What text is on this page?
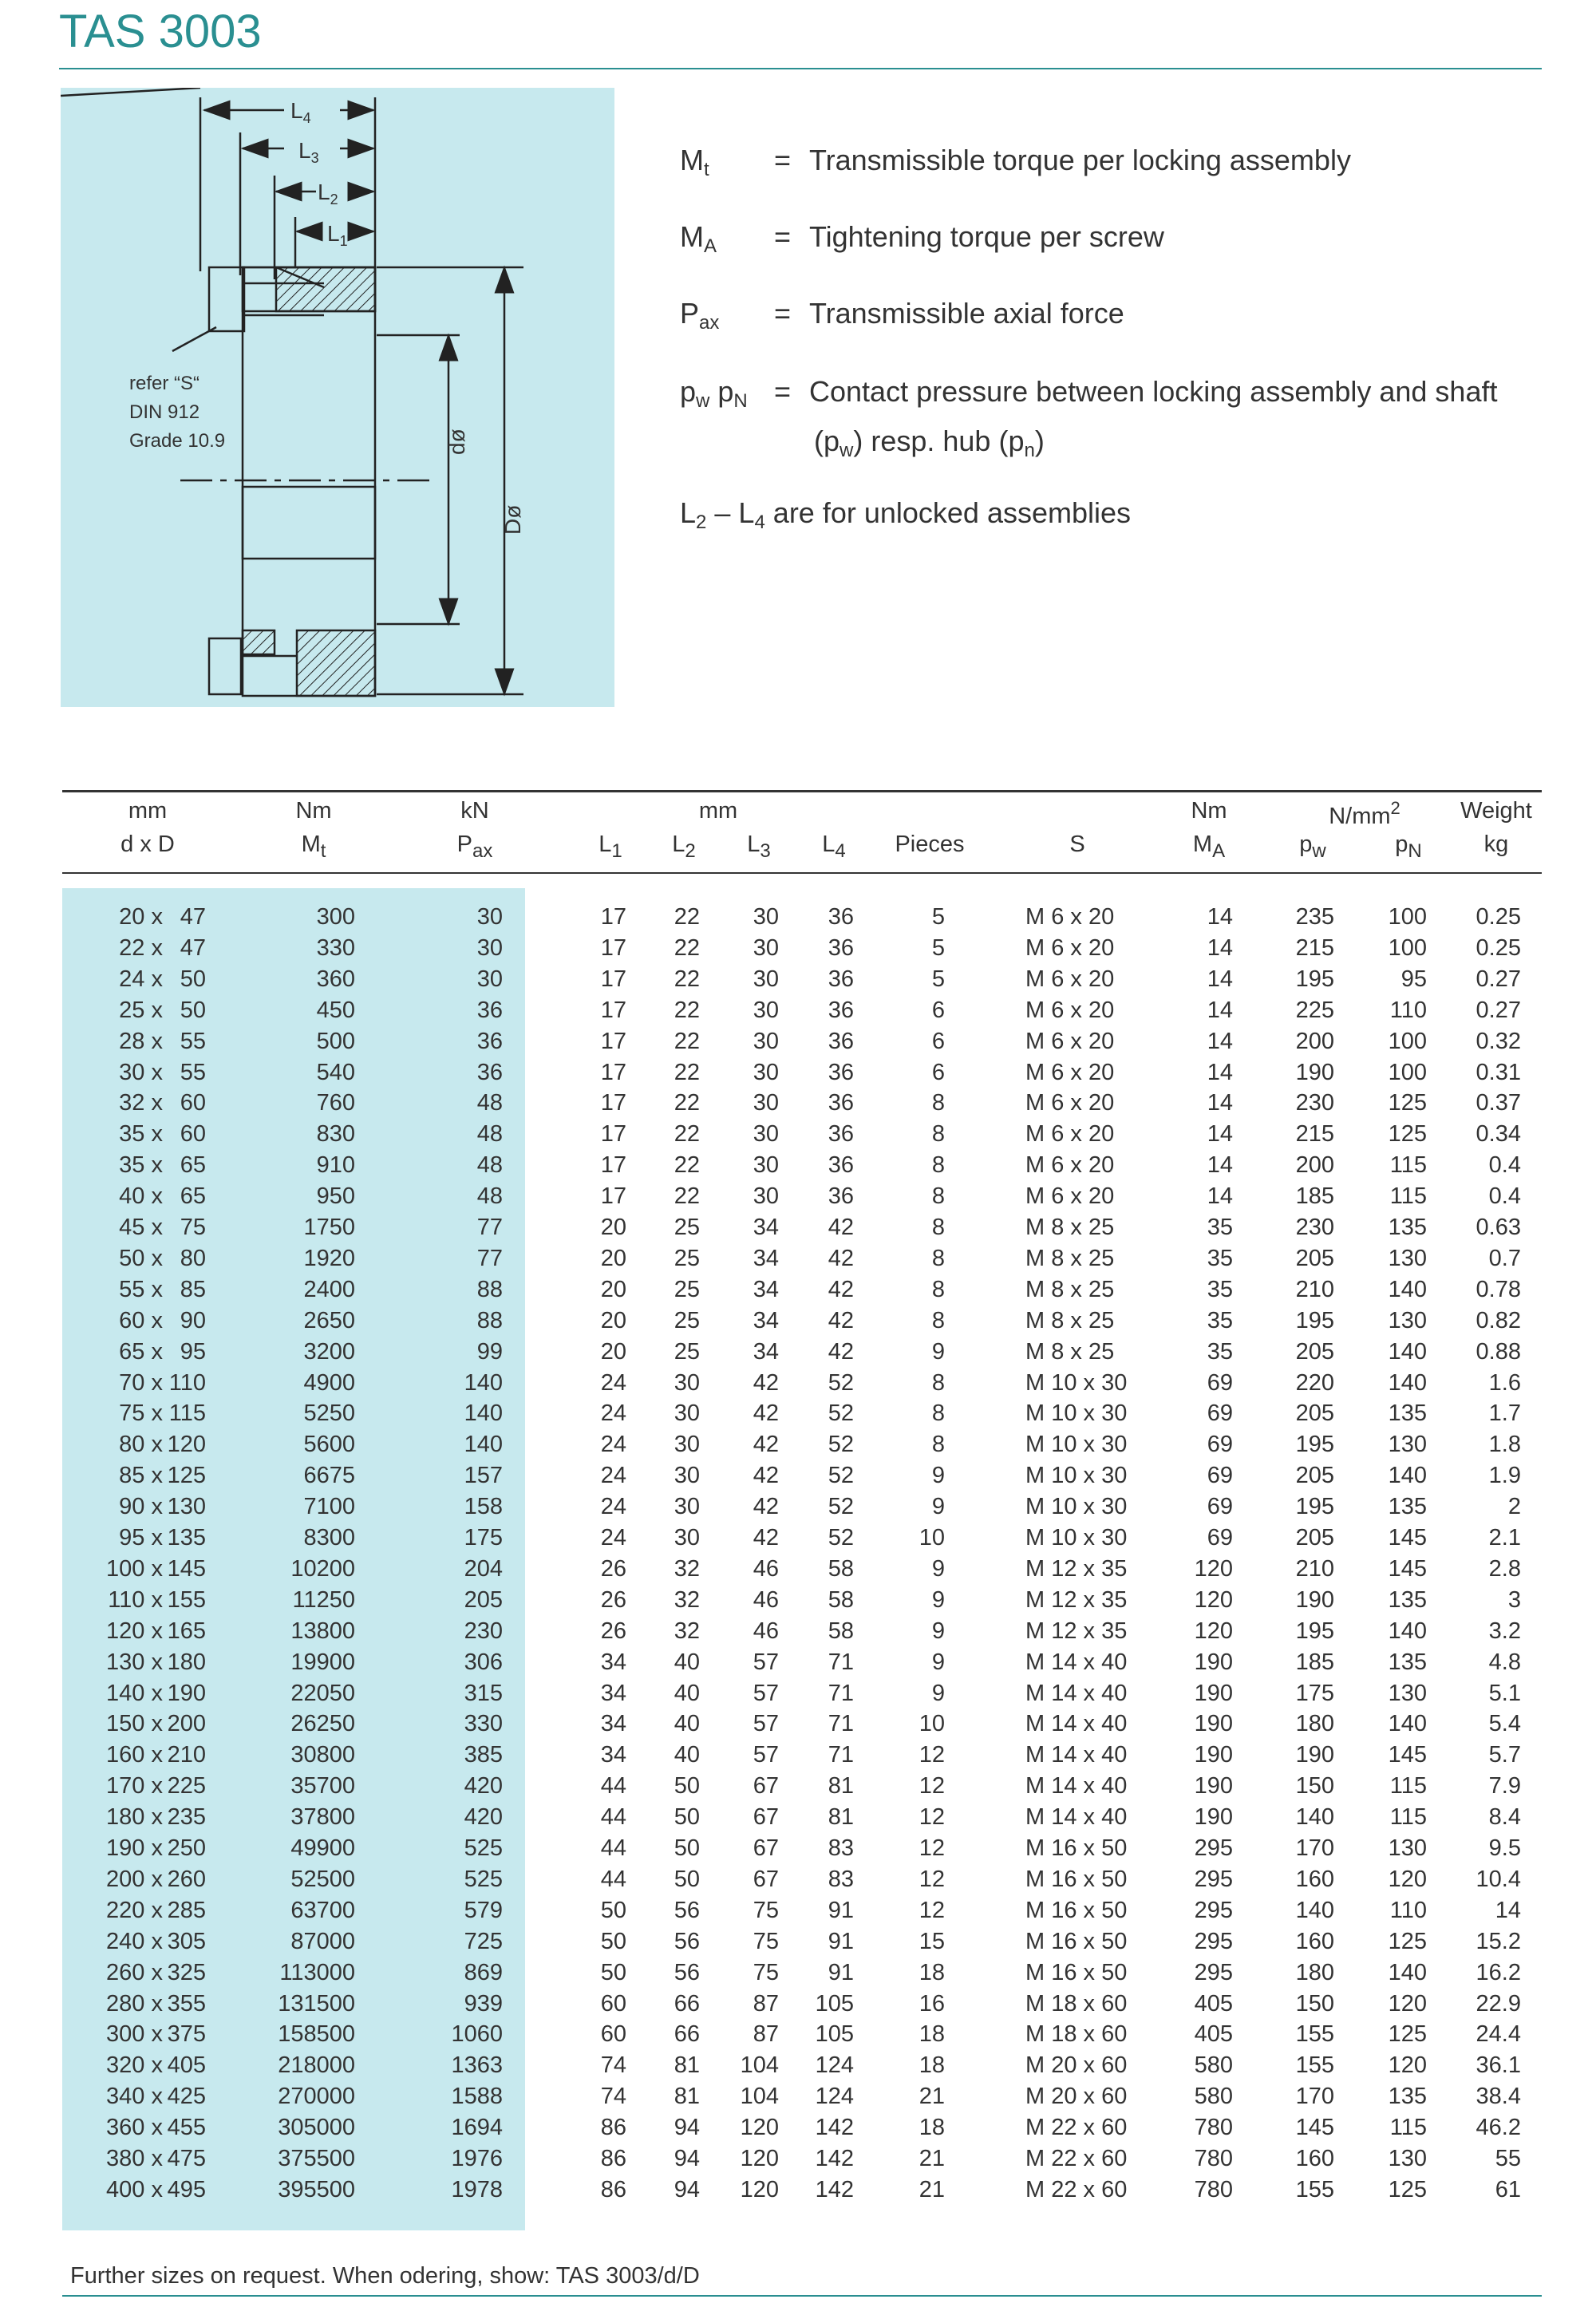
TAS 3003
$L_4$
$L_3$
$L_2$
$L_1$
dø
Dø
refer “S“
DIN 912
Grade 10.9
$M_t$	= Transmissible torque per locking assembly
$M_A$	= Tightening torque per screw
$P_{ax}$	= Transmissible axial force
$p_w$ $p_N$ = Contact pressure between locking assembly and shaft
$(p_w)$ resp. hub $(p_n)$
$L_2 - L_4$ are for unlocked assemblies
mm
d x D
Nm
$M_t$
kN
$P_{ax}$
mm
$L_1$	$L_2$	$L_3$	$L_4$	Pieces	S
Nm
$M_A$
$N/mm^2$
$p_w$	$p_N$
Weight
kg
20 x 47	300	30	17	22	30	36	5	M 6 x 20	14	235	100	0.25
22 x 47	330	30	17	22	30	36	5	M 6 x 20	14	215	100	0.25
24 x 50	360	30	17	22	30	36	5	M 6 x 20	14	195	95	0.27
25 x 50	450	36	17	22	30	36	6	M 6 x 20	14	225	110	0.27
28 x 55	500	36	17	22	30	36	6	M 6 x 20	14	200	100	0.32
30 x 55	540	36	17	22	30	36	6	M 6 x 20	14	190	100	0.31
32 x 60	760	48	17	22	30	36	8	M 6 x 20	14	230	125	0.37
35 x 60	830	48	17	22	30	36	8	M 6 x 20	14	215	125	0.34
35 x 65	910	48	17	22	30	36	8	M 6 x 20	14	200	115	0.4
40 x 65	950	48	17	22	30	36	8	M 6 x 20	14	185	115	0.4
45 x 75	1750	77	20	25	34	42	8	M 8 x 25	35	230	135	0.63
50 x 80	1920	77	20	25	34	42	8	M 8 x 25	35	205	130	0.7
55 x 85	2400	88	20	25	34	42	8	M 8 x 25	35	210	140	0.78
60 x 90	2650	88	20	25	34	42	8	M 8 x 25	35	195	130	0.82
65 x 95	3200	99	20	25	34	42	9	M 8 x 25	35	205	140	0.88
70 x 110	4900	140	24	30	42	52	8	M 10 x 30	69	220	140	1.6
75 x 115	5250	140	24	30	42	52	8	M 10 x 30	69	205	135	1.7
80 x 120	5600	140	24	30	42	52	8	M 10 x 30	69	195	130	1.8
85 x 125	6675	157	24	30	42	52	9	M 10 x 30	69	205	140	1.9
90 x 130	7100	158	24	30	42	52	9	M 10 x 30	69	195	135	2
95 x 135	8300	175	24	30	42	52	10	M 10 x 30	69	205	145	2.1
100 x 145	10200	204	26	32	46	58	9	M 12 x 35	120	210	145	2.8
110 x 155	11250	205	26	32	46	58	9	M 12 x 35	120	190	135	3
120 x 165	13800	230	26	32	46	58	9	M 12 x 35	120	195	140	3.2
130 x 180	19900	306	34	40	57	71	9	M 14 x 40	190	185	135	4.8
140 x 190	22050	315	34	40	57	71	9	M 14 x 40	190	175	130	5.1
150 x 200	26250	330	34	40	57	71	10	M 14 x 40	190	180	140	5.4
160 x 210	30800	385	34	40	57	71	12	M 14 x 40	190	190	145	5.7
170 x 225	35700	420	44	50	67	81	12	M 14 x 40	190	150	115	7.9
180 x 235	37800	420	44	50	67	81	12	M 14 x 40	190	140	115	8.4
190 x 250	49900	525	44	50	67	83	12	M 16 x 50	295	170	130	9.5
200 x 260	52500	525	44	50	67	83	12	M 16 x 50	295	160	120	10.4
220 x 285	63700	579	50	56	75	91	12	M 16 x 50	295	140	110	14
240 x 305	87000	725	50	56	75	91	15	M 16 x 50	295	160	125	15.2
260 x 325	113000	869	50	56	75	91	18	M 16 x 50	295	180	140	16.2
280 x 355	131500	939	60	66	87	105	16	M 18 x 60	405	150	120	22.9
300 x 375	158500	1060	60	66	87	105	18	M 18 x 60	405	155	125	24.4
320 x 405	218000	1363	74	81	104	124	18	M 20 x 60	580	155	120	36.1
340 x 425	270000	1588	74	81	104	124	21	M 20 x 60	580	170	135	38.4
360 x 455	305000	1694	86	94	120	142	18	M 22 x 60	780	145	115	46.2
380 x 475	375500	1976	86	94	120	142	21	M 22 x 60	780	160	130	55
400 x 495	395500	1978	86	94	120	142	21	M 22 x 60	780	155	125	61
Further sizes on request. When odering, show: TAS 3003/d/D
